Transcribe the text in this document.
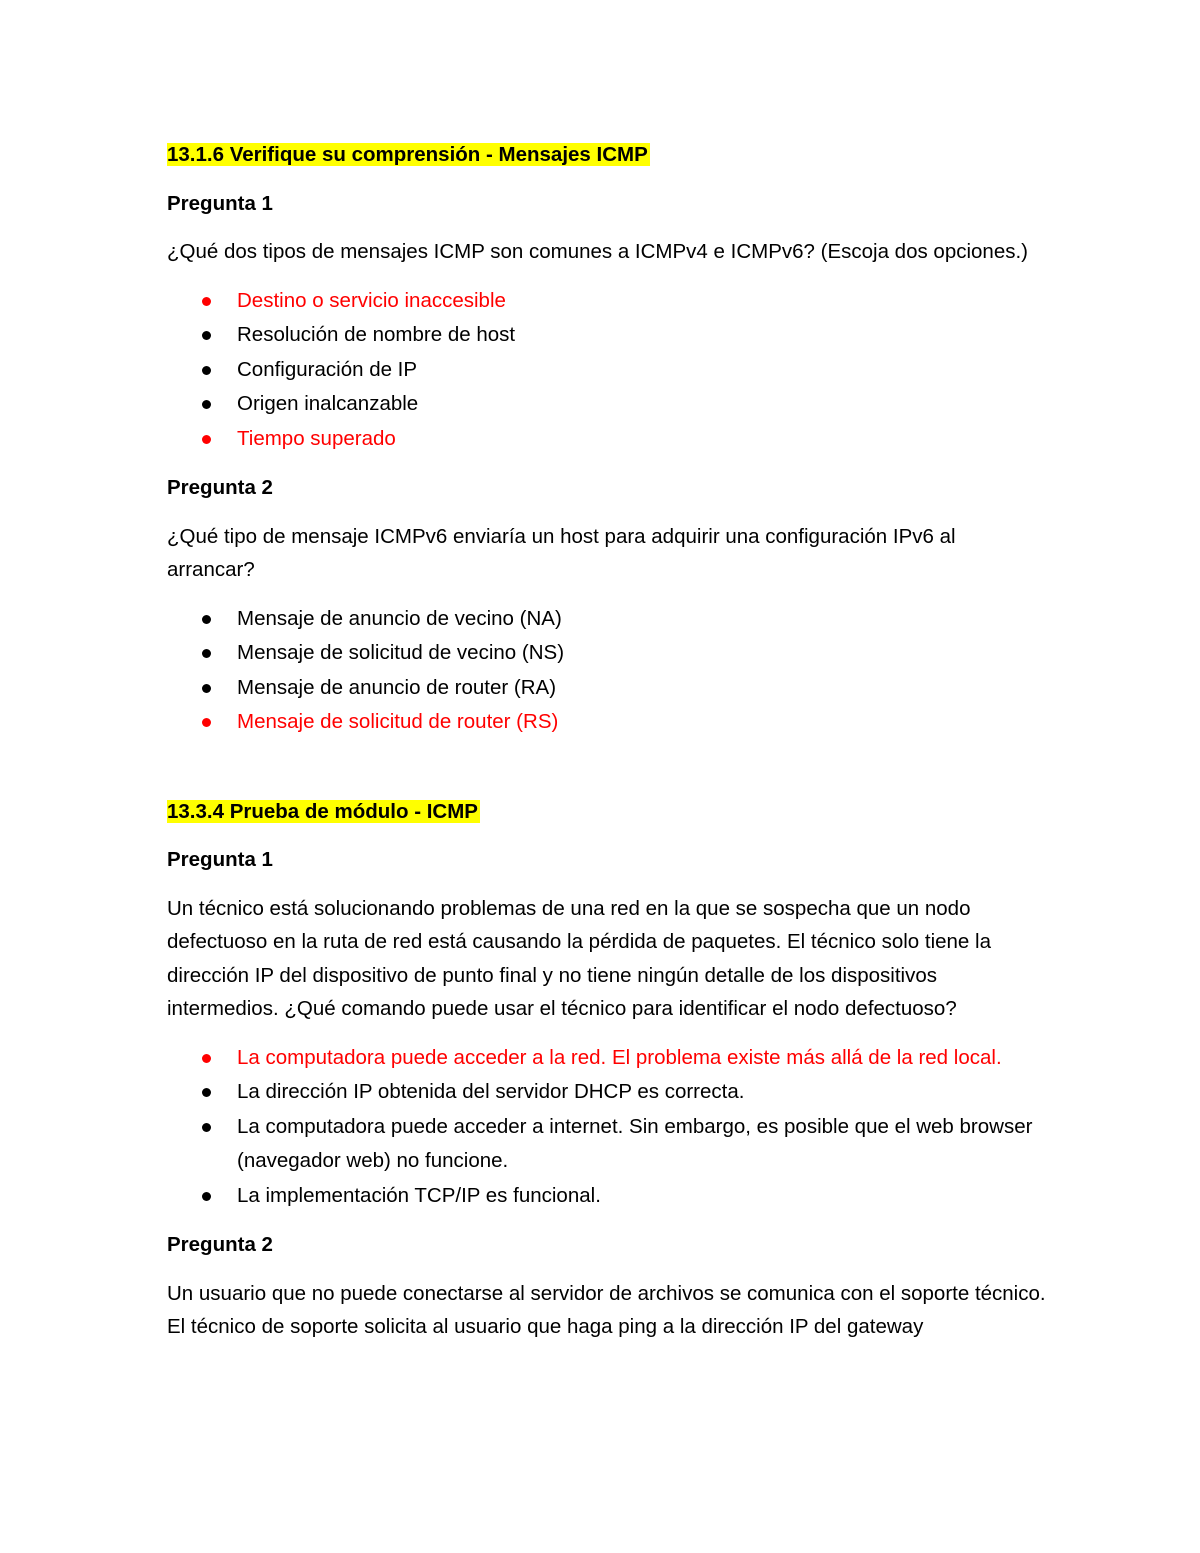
13.1.6 Verifique su comprensión - Mensajes ICMP
Pregunta 1
¿Qué dos tipos de mensajes ICMP son comunes a ICMPv4 e ICMPv6? (Escoja dos opciones.)
Destino o servicio inaccesible
Resolución de nombre de host
Configuración de IP
Origen inalcanzable
Tiempo superado
Pregunta 2
¿Qué tipo de mensaje ICMPv6 enviaría un host para adquirir una configuración IPv6 al arrancar?
Mensaje de anuncio de vecino (NA)
Mensaje de solicitud de vecino (NS)
Mensaje de anuncio de router (RA)
Mensaje de solicitud de router (RS)
13.3.4 Prueba de módulo - ICMP
Pregunta 1
Un técnico está solucionando problemas de una red en la que se sospecha que un nodo defectuoso en la ruta de red está causando la pérdida de paquetes. El técnico solo tiene la dirección IP del dispositivo de punto final y no tiene ningún detalle de los dispositivos intermedios. ¿Qué comando puede usar el técnico para identificar el nodo defectuoso?
La computadora puede acceder a la red. El problema existe más allá de la red local.
La dirección IP obtenida del servidor DHCP es correcta.
La computadora puede acceder a internet. Sin embargo, es posible que el web browser (navegador web) no funcione.
La implementación TCP/IP es funcional.
Pregunta 2
Un usuario que no puede conectarse al servidor de archivos se comunica con el soporte técnico. El técnico de soporte solicita al usuario que haga ping a la dirección IP del gateway
